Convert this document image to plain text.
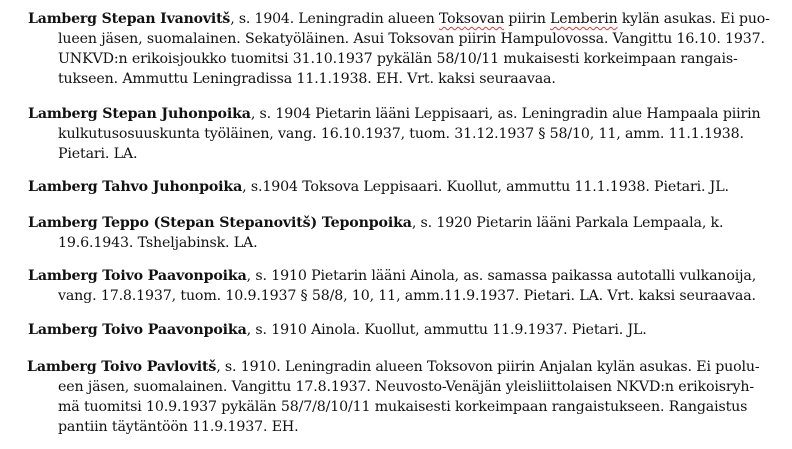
Lamberg Stepan Ivanovitš, s. 1904. Leningradin alueen Toksovan piirin Lemberin kylän asukas. Ei puo-
lueen jäsen, suomalainen. Sekatyöläinen. Asui Toksovan piirin Hampulovossa. Vangittu 16.10. 1937.
UNKVD:n erikoisjoukko tuomitsi 31.10.1937 pykälän 58/10/11 mukaisesti korkeimpaan rangais-
tukseen. Ammuttu Leningradissa 11.1.1938. EH. Vrt. kaksi seuraavaa.
Lamberg Stepan Juhonpoika, s. 1904 Pietarin lääni Leppisaari, as. Leningradin alue Hampaala piirin
kulkutusosuuskunta työläinen, vang. 16.10.1937, tuom. 31.12.1937 § 58/10, 11, amm. 11.1.1938.
Pietari. LA.
Lamberg Tahvo Juhonpoika, s.1904 Toksova Leppisaari. Kuollut, ammuttu 11.1.1938. Pietari. JL.
Lamberg Teppo (Stepan Stepanovitš) Teponpoika, s. 1920 Pietarin lääni Parkala Lempaala, k.
19.6.1943. Tsheljabinsk. LA.
Lamberg Toivo Paavonpoika, s. 1910 Pietarin lääni Ainola, as. samassa paikassa autotalli vulkanoija,
vang. 17.8.1937, tuom. 10.9.1937 § 58/8, 10, 11, amm.11.9.1937. Pietari. LA. Vrt. kaksi seuraavaa.
Lamberg Toivo Paavonpoika, s. 1910 Ainola. Kuollut, ammuttu 11.9.1937. Pietari. JL.
Lamberg Toivo Pavlovitš, s. 1910. Leningradin alueen Toksovon piirin Anjalan kylän asukas. Ei puolu-
een jäsen, suomalainen. Vangittu 17.8.1937. Neuvosto-Venäjän yleisliittolaisen NKVD:n erikoisryh-
mä tuomitsi 10.9.1937 pykälän 58/7/8/10/11 mukaisesti korkeimpaan rangaistukseen. Rangaistus
pantiin täytäntöön 11.9.1937. EH.
